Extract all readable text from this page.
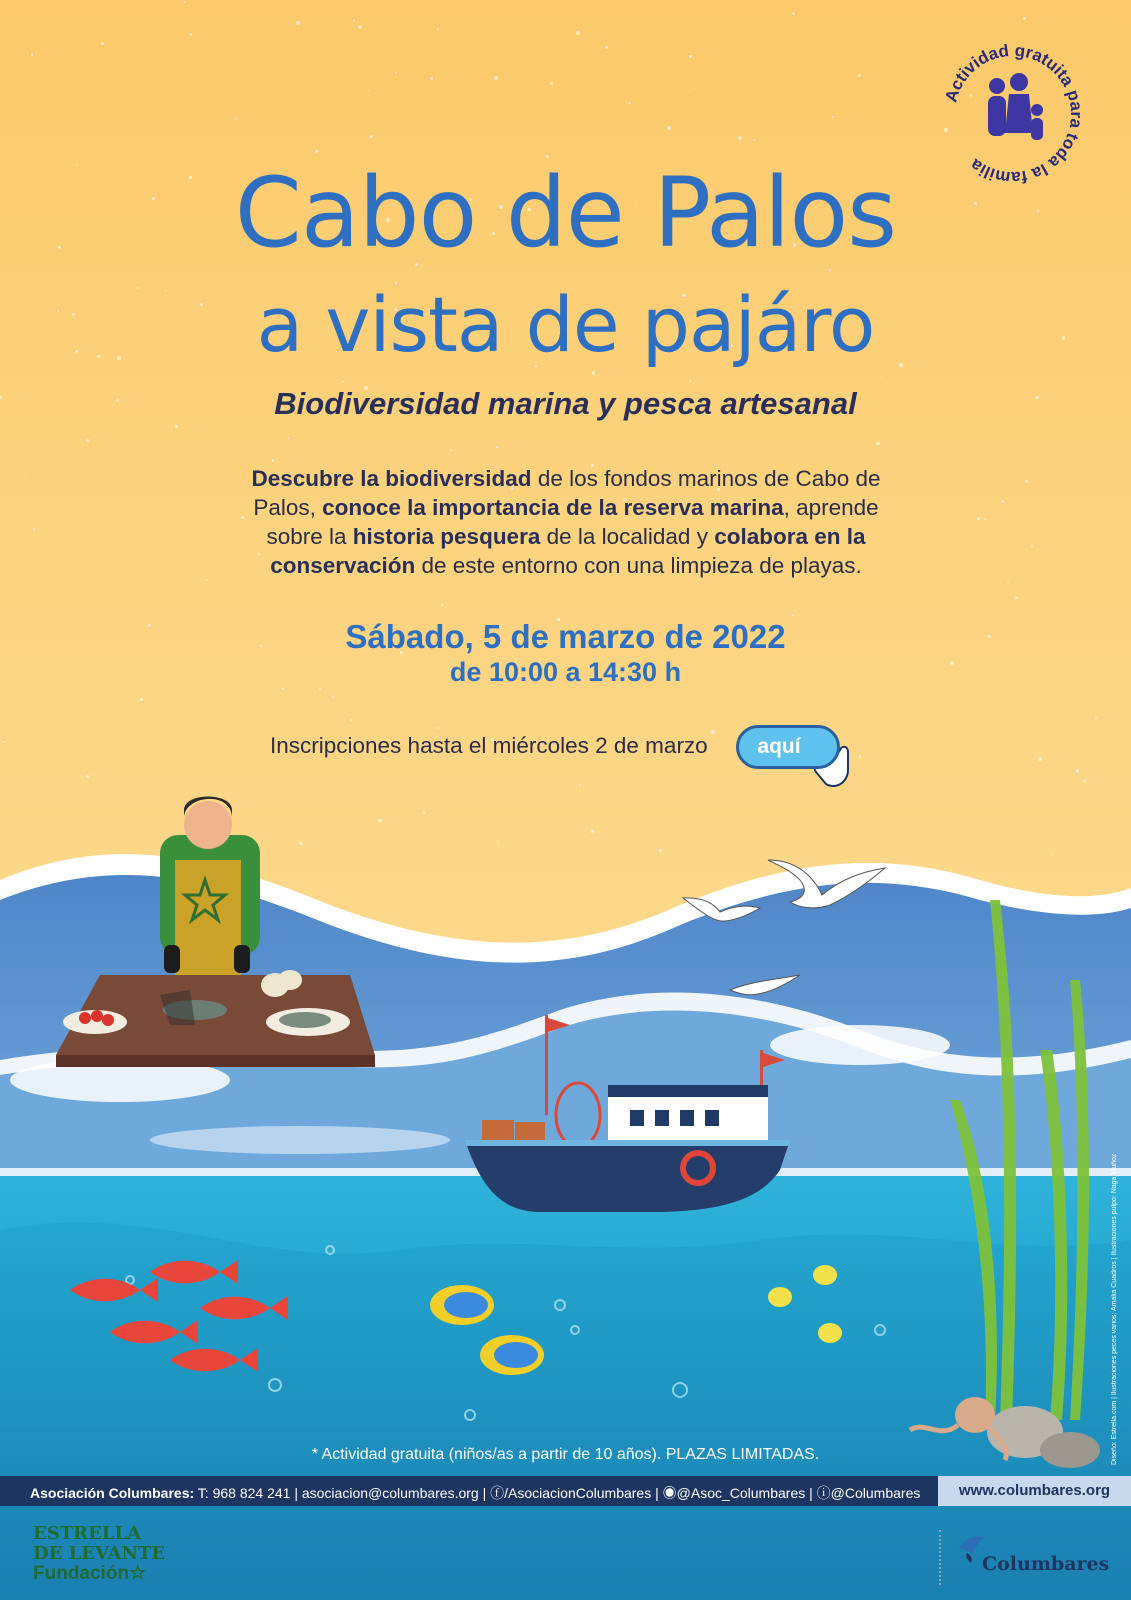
Actividad gratuita para toda la familia
Cabo de Palos
a vista de pajáro
Biodiversidad marina y pesca artesanal
Descubre la biodiversidad de los fondos marinos de Cabo de Palos, conoce la importancia de la reserva marina, aprende sobre la historia pesquera de la localidad y colabora en la conservación de este entorno con una limpieza de playas.
Sábado, 5 de marzo de 2022
de 10:00 a 14:30 h
Inscripciones hasta el miércoles 2 de marzo	aquí
* Actividad gratuita (niños/as a partir de 10 años). PLAZAS LIMITADAS.	Diseño: Estrella.com | Ilustraciones peces varios: Amalia Cuadros | Ilustraciones pulpo: Naga Muñoz
Asociación Columbares: T: 968 824 241 | asociacion@columbares.org | ⓕ/AsociacionColumbares | ◉@Asoc_Columbares | ⓘ@Columbares	www.columbares.org
ESTRELLA
DE LEVANTE
Fundación☆	Columbares
